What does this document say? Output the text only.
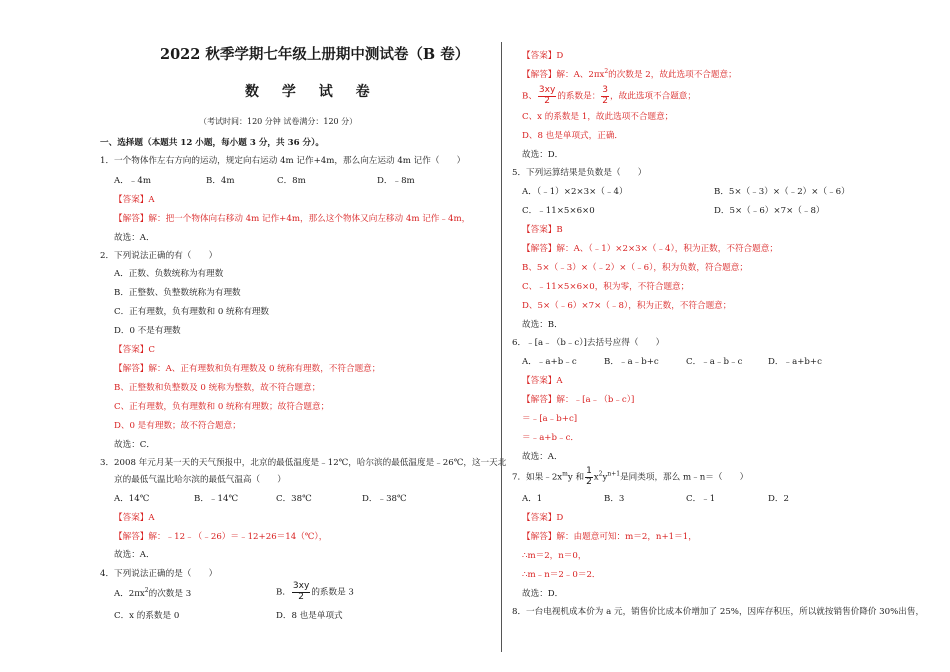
2022 秋季学期七年级上册期中测试卷（B 卷）
数 学 试 卷
（考试时间：120 分钟 试卷满分：120 分）
一、选择题（本题共 12 小题，每小题 3 分，共 36 分）。
1．一个物体作左右方向的运动，规定向右运动 4m 记作+4m，那么向左运动 4m 记作（　　）
A．﹣4m	B．4m	C．8m	D．﹣8m
【答案】A
【解答】解：把一个物体向右移动 4m 记作+4m，那么这个物体又向左移动 4m 记作﹣4m，
故选：A．
2．下列说法正确的有（　　）
A．正数、负数统称为有理数
B．正整数、负整数统称为有理数
C．正有理数，负有理数和 0 统称有理数
D．0 不是有理数
【答案】C
【解答】解：A、正有理数和负有理数及 0 统称有理数，不符合题意；
B、正整数和负整数及 0 统称为整数，故不符合题意；
C、正有理数，负有理数和 0 统称有理数；故符合题意；
D、0 是有理数；故不符合题意；
故选：C．
3．2008 年元月某一天的天气预报中，北京的最低温度是﹣12℃，哈尔滨的最低温度是﹣26℃，这一天北
京的最低气温比哈尔滨的最低气温高（　　）
A．14℃	B．﹣14℃	C．38℃	D．﹣38℃
【答案】A
【解答】解：﹣12﹣（﹣26）＝﹣12+26＝14（℃），
故选：A．
4．下列说法正确的是（　　）
A．$2\pi x^2$的次数是 3	B． $\frac{3xy}{2}$ 的系数是 3
C．x 的系数是 0	D．8 也是单项式
【答案】D
【解答】解：A、$2\pi x^2$的次数是 2，故此选项不合题意；
B、 $\frac{3xy}{2}$ 的系数是： $\frac{3}{2}$ ，故此选项不合题意；
C、x 的系数是 1，故此选项不合题意；
D、8 也是单项式，正确．
故选：D．
5．下列运算结果是负数是（　　）
A．（﹣1）×2×3×（﹣4）	B．5×（﹣3）×（﹣2）×（﹣6）
C．﹣11×5×6×0	D．5×（﹣6）×7×（﹣8）
【答案】B
【解答】解：A、（﹣1）×2×3×（﹣4），积为正数，不符合题意；
B、5×（﹣3）×（﹣2）×（﹣6），积为负数，符合题意；
C、﹣11×5×6×0，积为零，不符合题意；
D、5×（﹣6）×7×（﹣8），积为正数，不符合题意；
故选：B．
6．﹣[a﹣（b﹣c）]去括号应得（　　）
A．﹣a+b﹣c	B．﹣a﹣b+c	C．﹣a﹣b﹣c	D．﹣a+b+c
【答案】A
【解答】解：﹣[a﹣（b﹣c）]
＝﹣[a﹣b+c]
＝﹣a+b﹣c．
故选：A．
7．如果$﹣2x^my$ 和 $\frac{1}{2} x^2y^{n+1}$是同类项，那么 m﹣n＝（　　）
A．1	B．3	C．﹣1	D．2
【答案】D
【解答】解：由题意可知：m＝2，n+1＝1，
∴m＝2，n＝0，
∴m﹣n＝2﹣0＝2．
故选：D．
8．一台电视机成本价为 a 元，销售价比成本价增加了 25%，因库存积压，所以就按销售价降价 30%出售，
